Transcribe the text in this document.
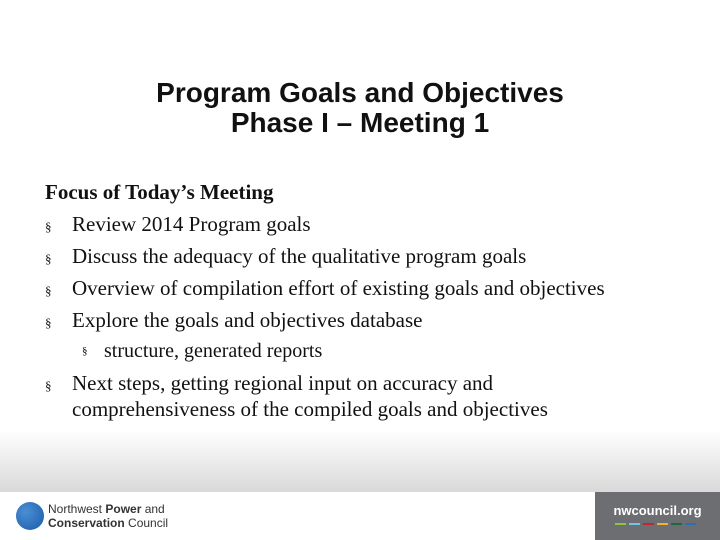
Program Goals and Objectives
Phase I – Meeting 1
Focus of Today’s Meeting
§ Review 2014 Program goals
§ Discuss the adequacy of the qualitative program goals
§ Overview of compilation effort of existing goals and objectives
§ Explore the goals and objectives database
§ structure, generated reports
§ Next steps, getting regional input on accuracy and
comprehensiveness of the compiled goals and objectives
Northwest Power and
Conservation Council
nwcouncil.org
